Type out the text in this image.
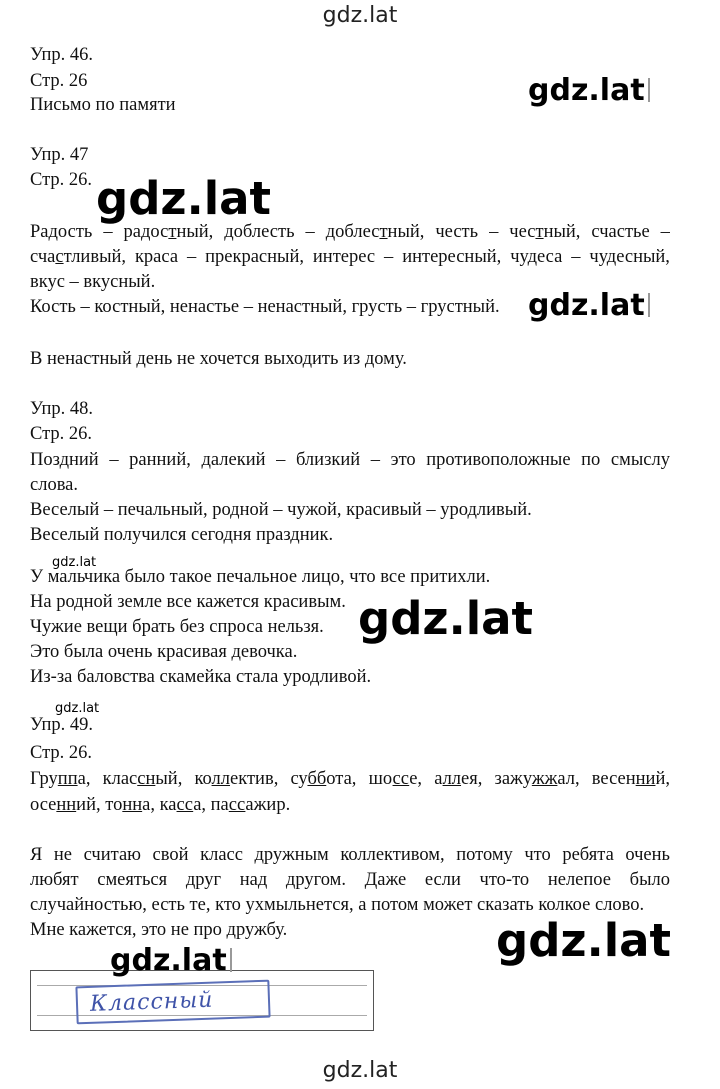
gdz.lat
gdz.lat
gdz.lat
gdz.lat
gdz.lat
gdz.lat
gdz.lat
gdz.lat
gdz.lat
Упр. 46.
Стр. 26
Письмо по памяти
Упр. 47
Стр. 26.
Радость – радостный, доблесть – доблестный, честь – честный, счастье –
счастливый, краса – прекрасный, интерес – интересный, чудеса – чудесный,
вкус – вкусный.
Кость – костный, ненастье – ненастный, грусть – грустный.
В ненастный день не хочется выходить из дому.
Упр. 48.
Стр. 26.
Поздний – ранний, далекий – близкий – это противоположные по смыслу
слова.
Веселый – печальный, родной – чужой, красивый – уродливый.
Веселый получился сегодня праздник.
У мальчика было такое печальное лицо, что все притихли.
На родной земле все кажется красивым.
Чужие вещи брать без спроса нельзя.
Это была очень красивая девочка.
Из-за баловства скамейка стала уродливой.
Упр. 49.
Стр. 26.
Группа, классный, коллектив, суббота, шоссе, аллея, зажужжал, весенний,
осенний, тонна, касса, пассажир.
Я не считаю свой класс дружным коллективом, потому что ребята очень
любят смеяться друг над другом. Даже если что-то нелепое было
случайностью, есть те, кто ухмыльнется, а потом может сказать колкое слово.
Мне кажется, это не про дружбу.
Классный
gdz.lat
